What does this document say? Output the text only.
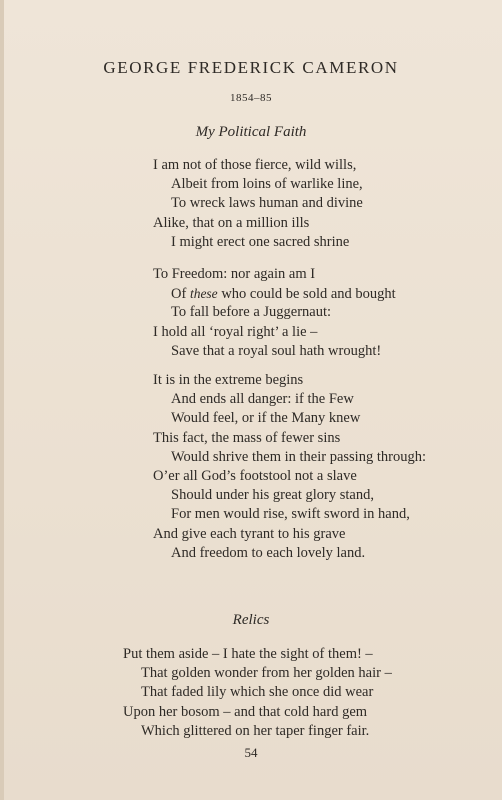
GEORGE FREDERICK CAMERON
1854–85
My Political Faith
I am not of those fierce, wild wills,
Albeit from loins of warlike line,
To wreck laws human and divine
Alike, that on a million ills
I might erect one sacred shrine
To Freedom: nor again am I
Of these who could be sold and bought
To fall before a Juggernaut:
I hold all ‘royal right’ a lie –
Save that a royal soul hath wrought!
It is in the extreme begins
And ends all danger: if the Few
Would feel, or if the Many knew
This fact, the mass of fewer sins
Would shrive them in their passing through:
O’er all God’s footstool not a slave
Should under his great glory stand,
For men would rise, swift sword in hand,
And give each tyrant to his grave
And freedom to each lovely land.
Relics
Put them aside – I hate the sight of them! –
That golden wonder from her golden hair –
That faded lily which she once did wear
Upon her bosom – and that cold hard gem
Which glittered on her taper finger fair.
54
